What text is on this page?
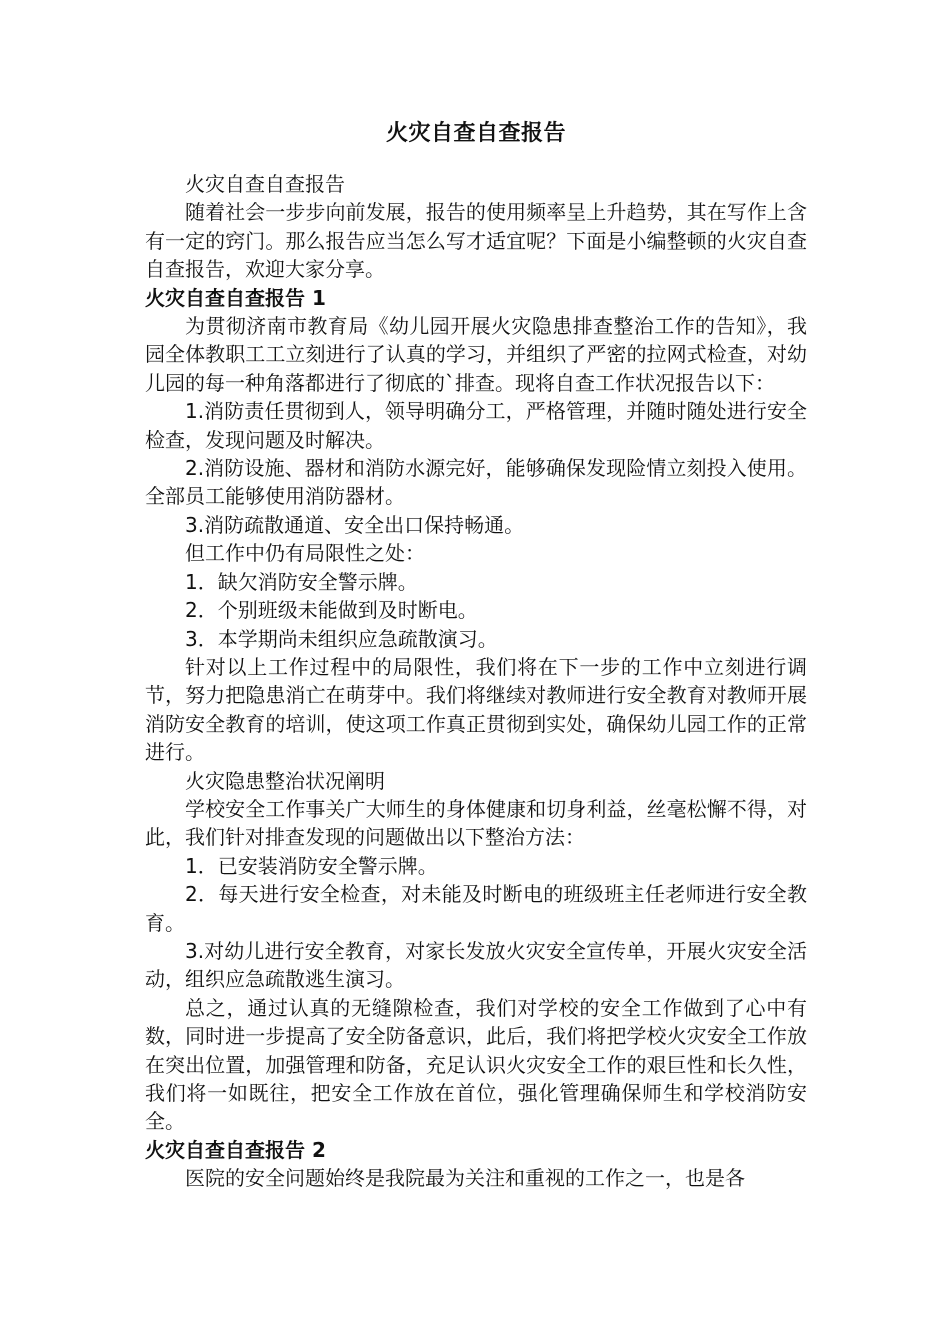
火灾自查自查报告

火灾自查自查报告

随着社会一步步向前发展，报告的使用频率呈上升趋势，其在写作上含有一定的窍门。那么报告应当怎么写才适宜呢？下面是小编整顿的火灾自查自查报告，欢迎大家分享。

火灾自查自查报告 1

为贯彻济南市教育局《幼儿园开展火灾隐患排查整治工作的告知》，我园全体教职工工立刻进行了认真的学习，并组织了严密的拉网式检查，对幼儿园的每一种角落都进行了彻底的`排查。现将自查工作状况报告以下：

1.消防责任贯彻到人，领导明确分工，严格管理，并随时随处进行安全检查，发现问题及时解决。

2.消防设施、器材和消防水源完好，能够确保发现险情立刻投入使用。全部员工能够使用消防器材。

3.消防疏散通道、安全出口保持畅通。

但工作中仍有局限性之处：

1．缺欠消防安全警示牌。

2．个别班级未能做到及时断电。

3．本学期尚未组织应急疏散演习。

针对以上工作过程中的局限性，我们将在下一步的工作中立刻进行调节，努力把隐患消亡在萌芽中。我们将继续对教师进行安全教育对教师开展消防安全教育的培训，使这项工作真正贯彻到实处，确保幼儿园工作的正常进行。

火灾隐患整治状况阐明

学校安全工作事关广大师生的身体健康和切身利益，丝毫松懈不得，对此，我们针对排查发现的问题做出以下整治方法：

1．已安装消防安全警示牌。

2．每天进行安全检查，对未能及时断电的班级班主任老师进行安全教育。

3.对幼儿进行安全教育，对家长发放火灾安全宣传单，开展火灾安全活动，组织应急疏散逃生演习。

总之，通过认真的无缝隙检查，我们对学校的安全工作做到了心中有数，同时进一步提高了安全防备意识，此后，我们将把学校火灾安全工作放在突出位置，加强管理和防备，充足认识火灾安全工作的艰巨性和长久性，我们将一如既往，把安全工作放在首位，强化管理确保师生和学校消防安全。

火灾自查自查报告 2

医院的安全问题始终是我院最为关注和重视的工作之一，也是各
